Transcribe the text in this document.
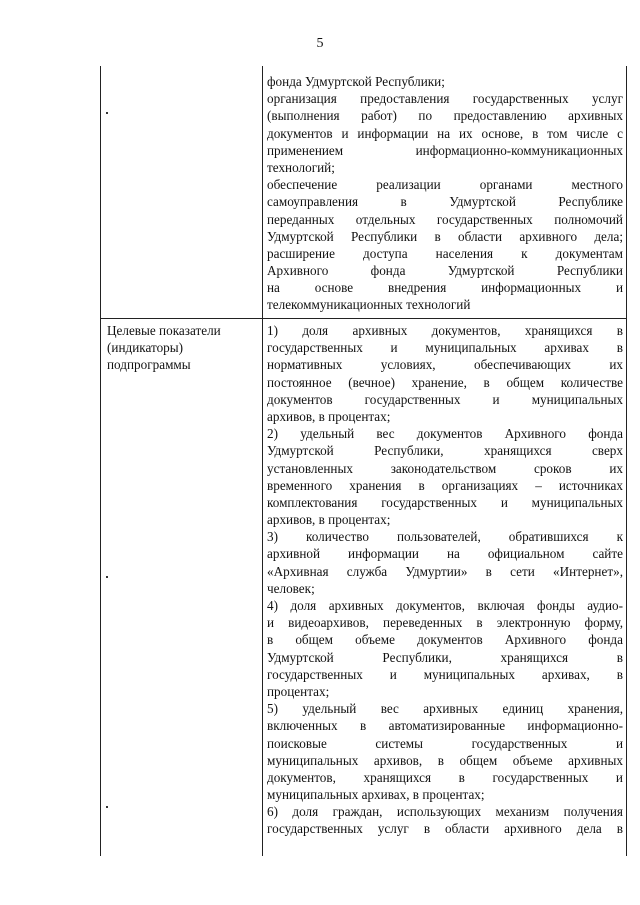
5
Целевые показатели
(индикаторы)
подпрограммы
фонда Удмуртской Республики;
организация предоставления государственных услуг
(выполнения работ) по предоставлению архивных
документов и информации на их основе, в том числе с
применением информационно-коммуникационных
технологий;
обеспечение реализации органами местного
самоуправления в Удмуртской Республике
переданных отдельных государственных полномочий
Удмуртской Республики в области архивного дела;
расширение доступа населения к документам
Архивного фонда Удмуртской Республики
на основе внедрения информационных и
телекоммуникационных технологий
1) доля архивных документов, хранящихся в
государственных и муниципальных архивах в
нормативных условиях, обеспечивающих их
постоянное (вечное) хранение, в общем количестве
документов государственных и муниципальных
архивов, в процентах;
2) удельный вес документов Архивного фонда
Удмуртской Республики, хранящихся сверх
установленных законодательством сроков их
временного хранения в организациях – источниках
комплектования государственных и муниципальных
архивов, в процентах;
3) количество пользователей, обратившихся к
архивной информации на официальном сайте
«Архивная служба Удмуртии» в сети «Интернет»,
человек;
4) доля архивных документов, включая фонды аудио-
и видеоархивов, переведенных в электронную форму,
в общем объеме документов Архивного фонда
Удмуртской Республики, хранящихся в
государственных и муниципальных архивах, в
процентах;
5) удельный вес архивных единиц хранения,
включенных в автоматизированные информационно-
поисковые системы государственных и
муниципальных архивов, в общем объеме архивных
документов, хранящихся в государственных и
муниципальных архивах, в процентах;
6) доля граждан, использующих механизм получения
государственных услуг в области архивного дела в
